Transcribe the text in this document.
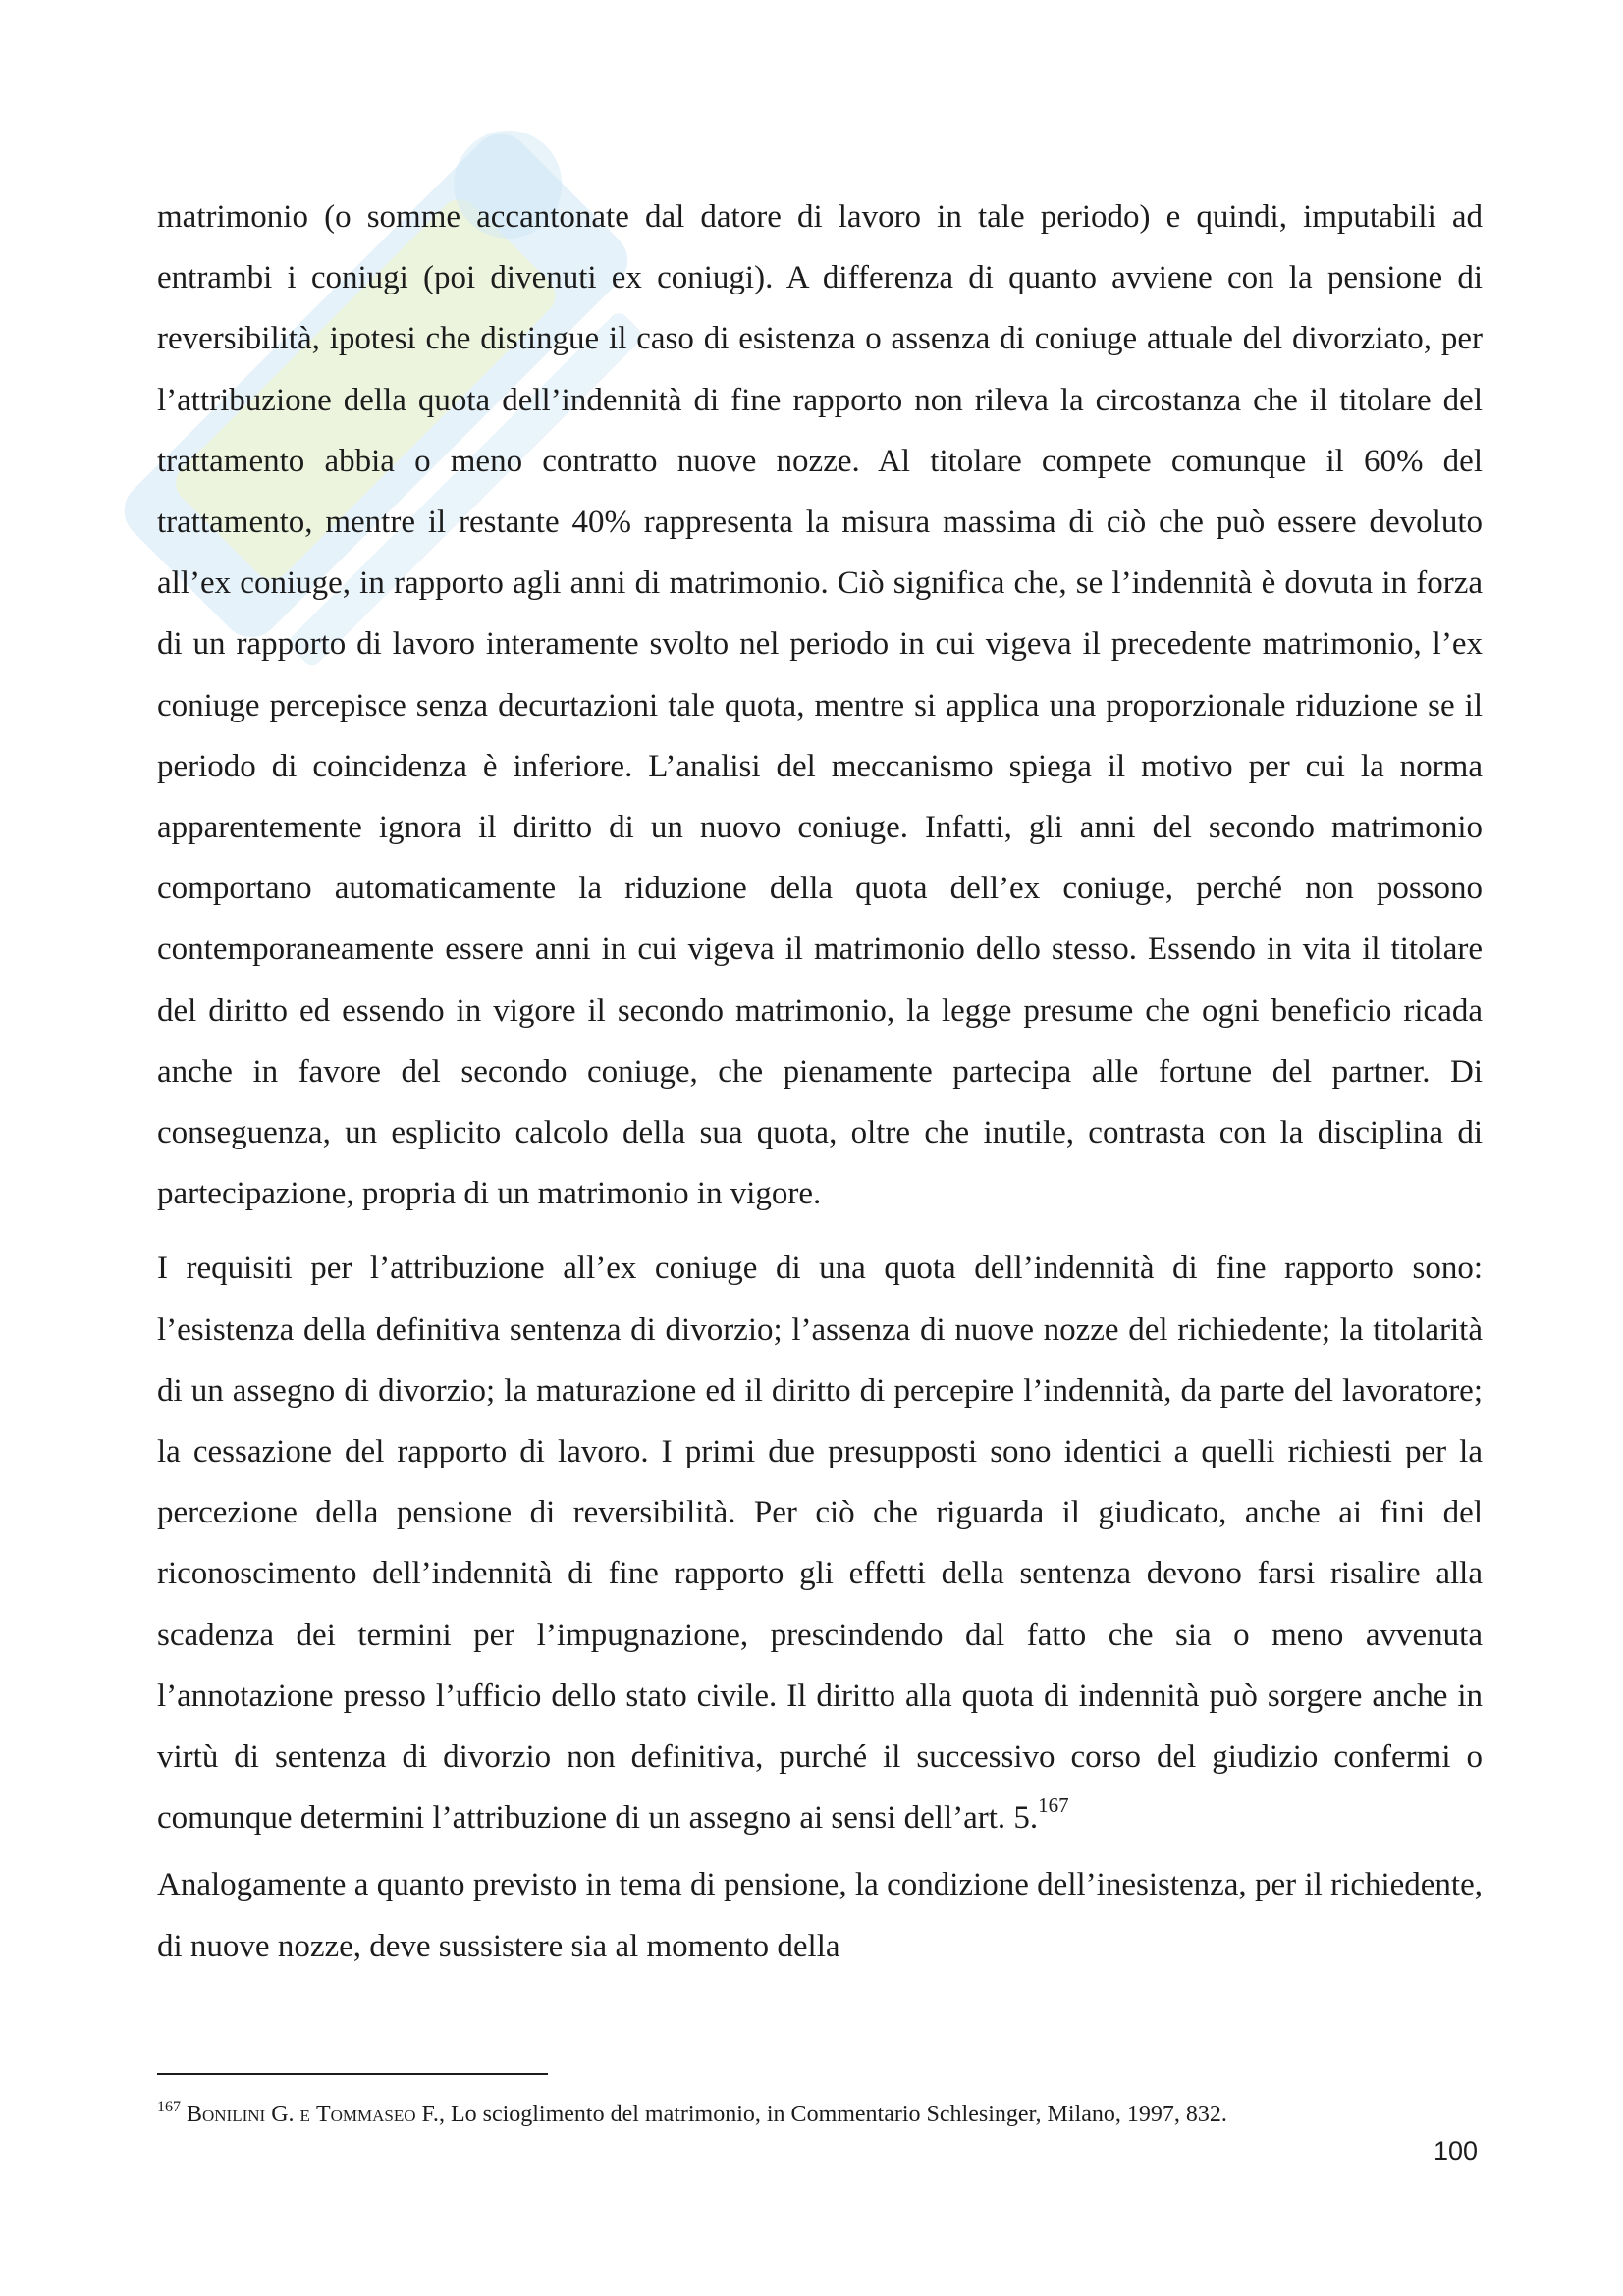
matrimonio (o somme accantonate dal datore di lavoro in tale periodo) e quindi, imputabili ad entrambi i coniugi (poi divenuti ex coniugi). A differenza di quanto avviene con la pensione di reversibilità, ipotesi che distingue il caso di esistenza o assenza di coniuge attuale del divorziato, per l’attribuzione della quota dell’indennità di fine rapporto non rileva la circostanza che il titolare del trattamento abbia o meno contratto nuove nozze. Al titolare compete comunque il 60% del trattamento, mentre il restante 40% rappresenta la misura massima di ciò che può essere devoluto all’ex coniuge, in rapporto agli anni di matrimonio. Ciò significa che, se l’indennità è dovuta in forza di un rapporto di lavoro interamente svolto nel periodo in cui vigeva il precedente matrimonio, l’ex coniuge percepisce senza decurtazioni tale quota, mentre si applica una proporzionale riduzione se il periodo di coincidenza è inferiore. L’analisi del meccanismo spiega il motivo per cui la norma apparentemente ignora il diritto di un nuovo coniuge. Infatti, gli anni del secondo matrimonio comportano automaticamente la riduzione della quota dell’ex coniuge, perché non possono contemporaneamente essere anni in cui vigeva il matrimonio dello stesso. Essendo in vita il titolare del diritto ed essendo in vigore il secondo matrimonio, la legge presume che ogni beneficio ricada anche in favore del secondo coniuge, che pienamente partecipa alle fortune del partner. Di conseguenza, un esplicito calcolo della sua quota, oltre che inutile, contrasta con la disciplina di partecipazione, propria di un matrimonio in vigore.

I requisiti per l’attribuzione all’ex coniuge di una quota dell’indennità di fine rapporto sono: l’esistenza della definitiva sentenza di divorzio; l’assenza di nuove nozze del richiedente; la titolarità di un assegno di divorzio; la maturazione ed il diritto di percepire l’indennità, da parte del lavoratore; la cessazione del rapporto di lavoro. I primi due presupposti sono identici a quelli richiesti per la percezione della pensione di reversibilità. Per ciò che riguarda il giudicato, anche ai fini del riconoscimento dell’indennità di fine rapporto gli effetti della sentenza devono farsi risalire alla scadenza dei termini per l’impugnazione, prescindendo dal fatto che sia o meno avvenuta l’annotazione presso l’ufficio dello stato civile. Il diritto alla quota di indennità può sorgere anche in virtù di sentenza di divorzio non definitiva, purché il successivo corso del giudizio confermi o comunque determini l’attribuzione di un assegno ai sensi dell’art. 5.$^{167}$

Analogamente a quanto previsto in tema di pensione, la condizione dell’inesistenza, per il richiedente, di nuove nozze, deve sussistere sia al momento della

$^{167}$ Bonilini G. e Tommaseo F., Lo scioglimento del matrimonio, in Commentario Schlesinger, Milano, 1997, 832.
100
